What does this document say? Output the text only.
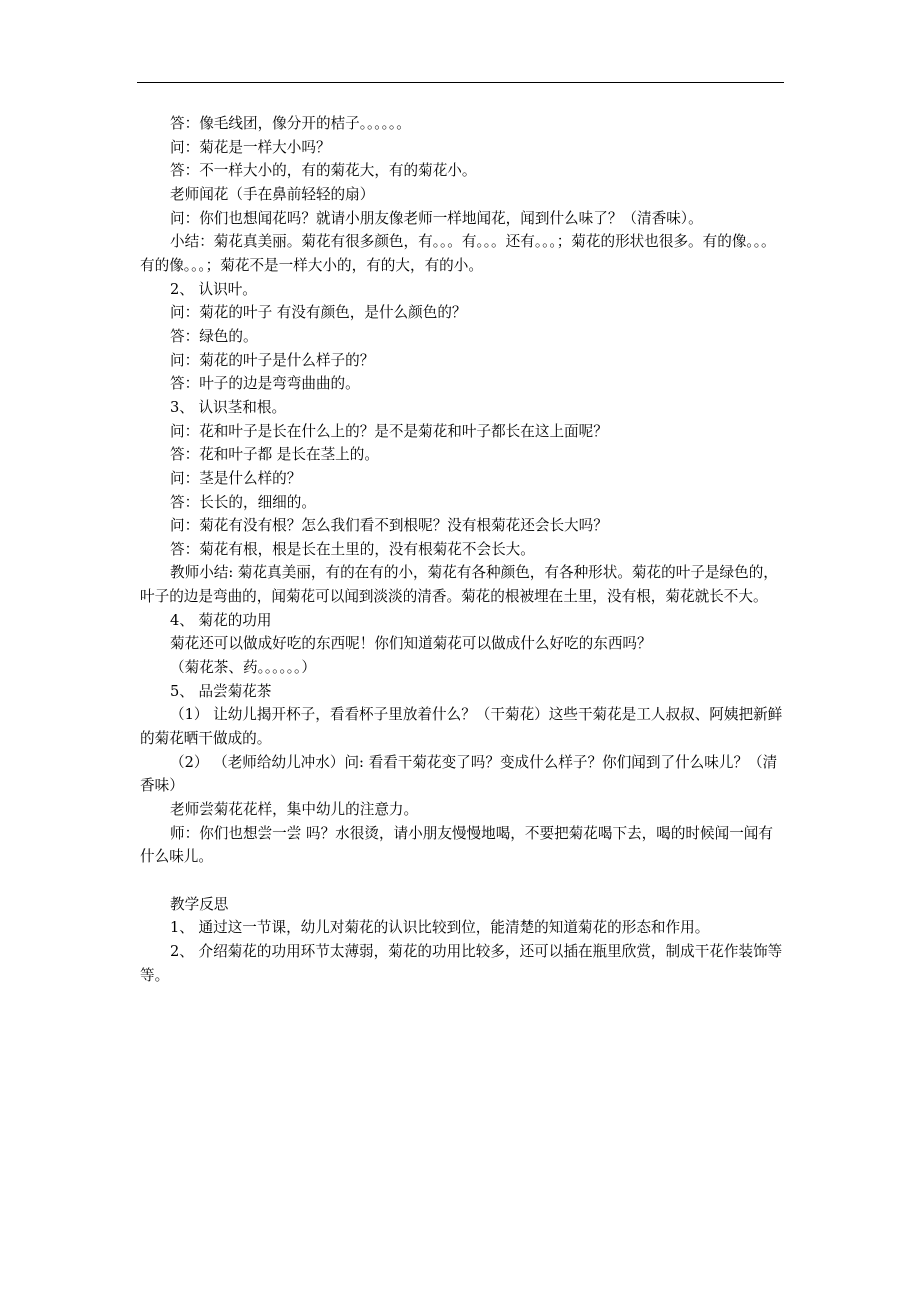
答：像毛线团，像分开的桔子。。。。。。

问：菊花是一样大小吗？

答：不一样大小的，有的菊花大，有的菊花小。

老师闻花（手在鼻前轻轻的扇）

问：你们也想闻花吗？就请小朋友像老师一样地闻花，闻到什么味了？（清香味）。

小结：菊花真美丽。菊花有很多颜色，有。。。有。。。还有。。。；菊花的形状也很多。有的像。。。有的像。。。；菊花不是一样大小的，有的大，有的小。

2、 认识叶。

问：菊花的叶子 有没有颜色，是什么颜色的？

答：绿色的。

问：菊花的叶子是什么样子的？

答：叶子的边是弯弯曲曲的。

3、 认识茎和根。

问：花和叶子是长在什么上的？是不是菊花和叶子都长在这上面呢？

答：花和叶子都 是长在茎上的。

问：茎是什么样的？

答：长长的，细细的。

问：菊花有没有根？怎么我们看不到根呢？没有根菊花还会长大吗？

答：菊花有根，根是长在土里的，没有根菊花不会长大。

教师小结: 菊花真美丽，有的在有的小，菊花有各种颜色，有各种形状。菊花的叶子是绿色的，叶子的边是弯曲的，闻菊花可以闻到淡淡的清香。菊花的根被埋在土里，没有根，菊花就长不大。

4、 菊花的功用

菊花还可以做成好吃的东西呢！你们知道菊花可以做成什么好吃的东西吗？

（菊花茶、药。。。。。。）

5、 品尝菊花茶

（1） 让幼儿揭开杯子，看看杯子里放着什么？（干菊花）这些干菊花是工人叔叔、阿姨把新鲜的菊花晒干做成的。

（2） （老师给幼儿冲水）问: 看看干菊花变了吗？变成什么样子？你们闻到了什么味儿？（清香味）

老师尝菊花花样，集中幼儿的注意力。

师：你们也想尝一尝 吗？水很烫，请小朋友慢慢地喝，不要把菊花喝下去，喝的时候闻一闻有什么味儿。

教学反思

1、 通过这一节课，幼儿对菊花的认识比较到位，能清楚的知道菊花的形态和作用。

2、 介绍菊花的功用环节太薄弱，菊花的功用比较多，还可以插在瓶里欣赏，制成干花作装饰等等。
